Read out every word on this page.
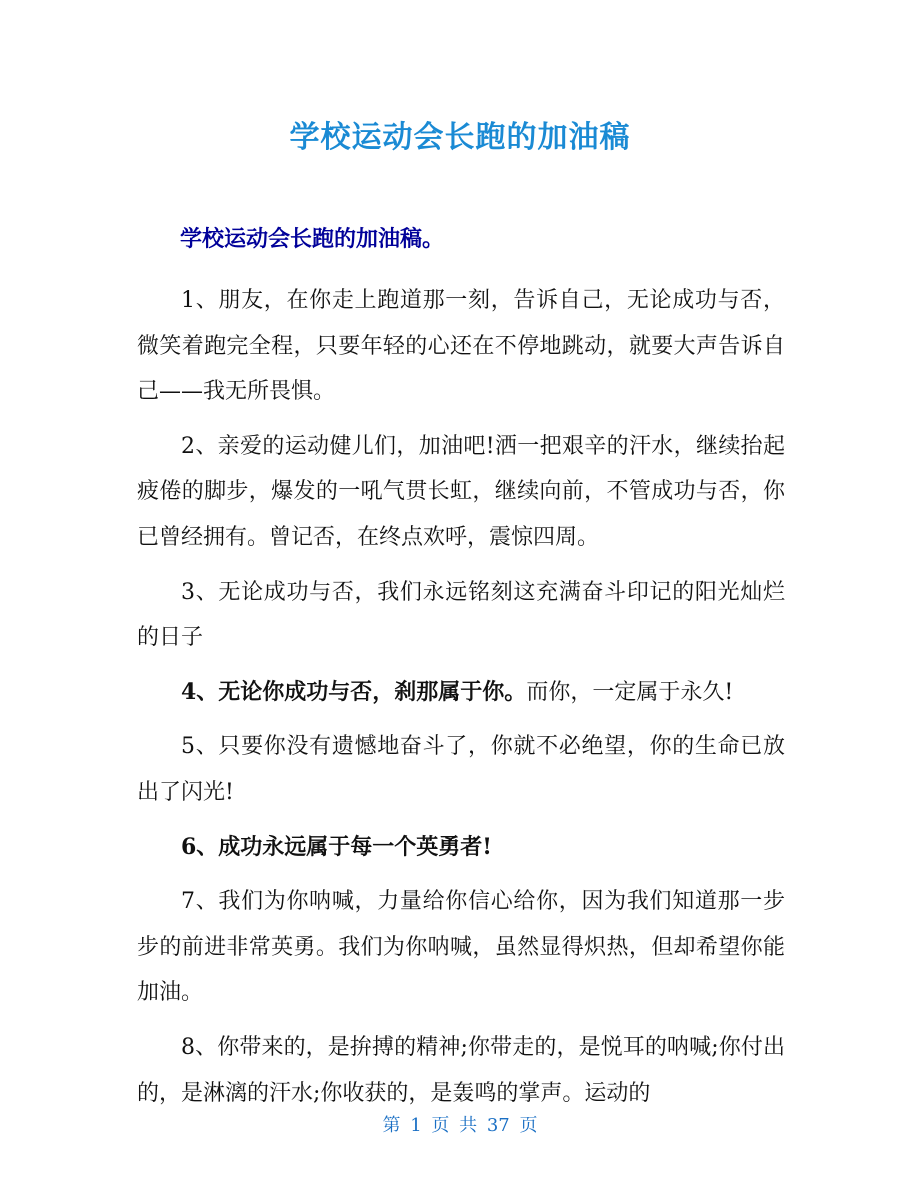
学校运动会长跑的加油稿
学校运动会长跑的加油稿。

1、朋友，在你走上跑道那一刻，告诉自己，无论成功与否，微笑着跑完全程，只要年轻的心还在不停地跳动，就要大声告诉自己——我无所畏惧。

2、亲爱的运动健儿们，加油吧!洒一把艰辛的汗水，继续抬起疲倦的脚步，爆发的一吼气贯长虹，继续向前，不管成功与否，你已曾经拥有。曾记否，在终点欢呼，震惊四周。

3、无论成功与否，我们永远铭刻这充满奋斗印记的阳光灿烂的日子

4、无论你成功与否，刹那属于你。而你，一定属于永久!

5、只要你没有遗憾地奋斗了，你就不必绝望，你的生命已放出了闪光!

6、成功永远属于每一个英勇者!

7、我们为你呐喊，力量给你信心给你，因为我们知道那一步步的前进非常英勇。我们为你呐喊，虽然显得炽热，但却希望你能加油。

8、你带来的，是拚搏的精神;你带走的，是悦耳的呐喊;你付出的，是淋漓的汗水;你收获的，是轰鸣的掌声。运动的

第 1 页 共 37 页
